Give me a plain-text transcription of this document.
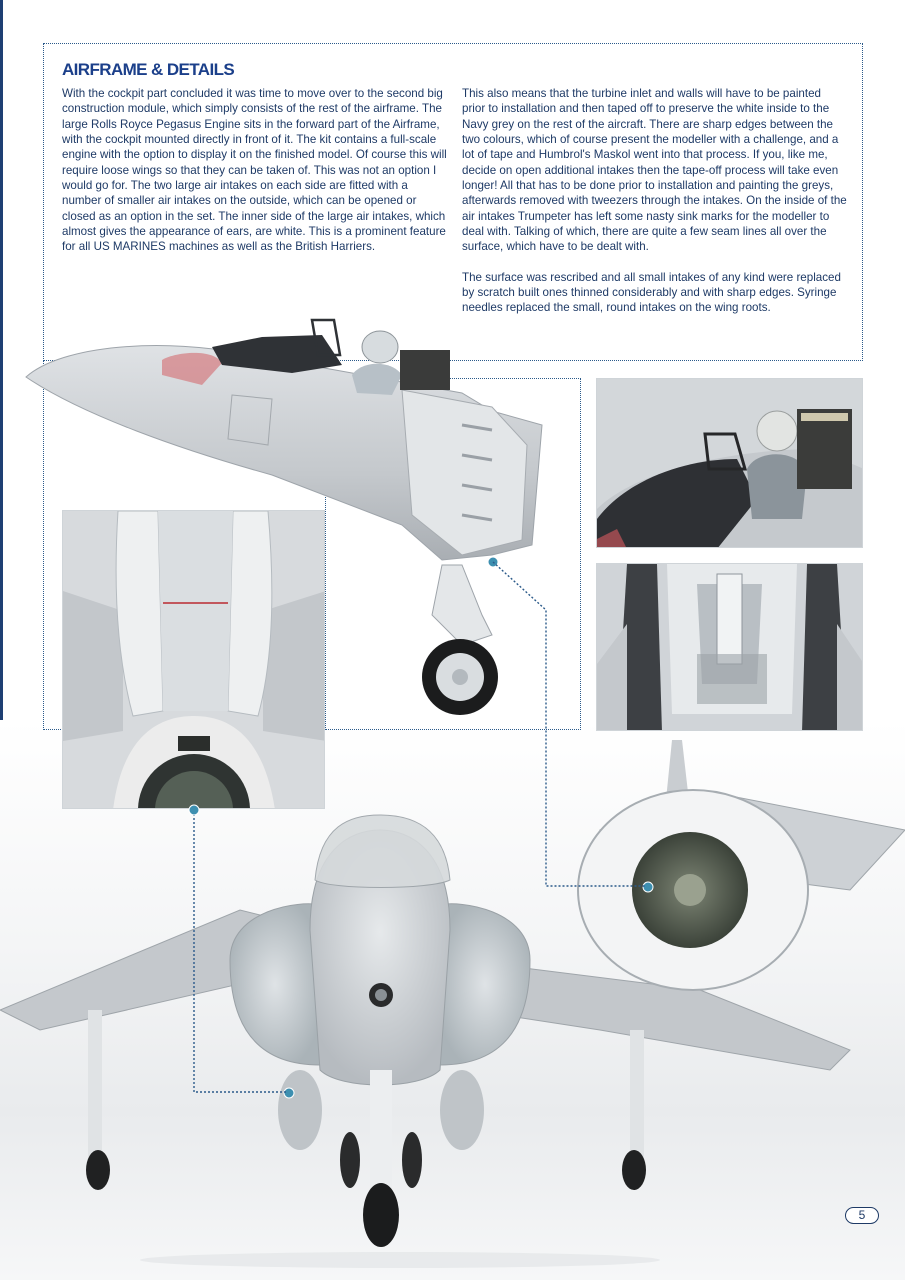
AIRFRAME & DETAILS

With the cockpit part concluded it was time to move over to the second big construction module, which simply consists of the rest of the airframe. The large Rolls Royce Pegasus Engine sits in the forward part of the Airframe, with the cockpit mounted directly in front of it. The kit contains a full-scale engine with the option to display it on the finished model. Of course this will require loose wings so that they can be taken of. This was not an option I would go for. The two large air intakes on each side are fitted with a number of smaller air intakes on the outside, which can be opened or closed as an option in the set. The inner side of the large air intakes, which almost gives the appearance of ears, are white. This is a prominent feature for all US MARINES machines as well as the British Harriers.

This also means that the turbine inlet and walls will have to be painted prior to installation and then taped off to preserve the white inside to the Navy grey on the rest of the aircraft. There are sharp edges between the two colours, which of course present the modeller with a challenge, and a lot of tape and Humbrol's Maskol went into that process. If you, like me, decide on open additional intakes then the tape-off process will take even longer! All that has to be done prior to installation and painting the greys, afterwards removed with tweezers through the intakes. On the inside of the air intakes Trumpeter has left some nasty sink marks for the modeller to deal with. Talking of which, there are quite a few seam lines all over the surface, which have to be dealt with.

The surface was rescribed and all small intakes of any kind were replaced by scratch built ones thinned considerably and with sharp edges. Syringe needles replaced the small, round intakes on the wing roots.

5
